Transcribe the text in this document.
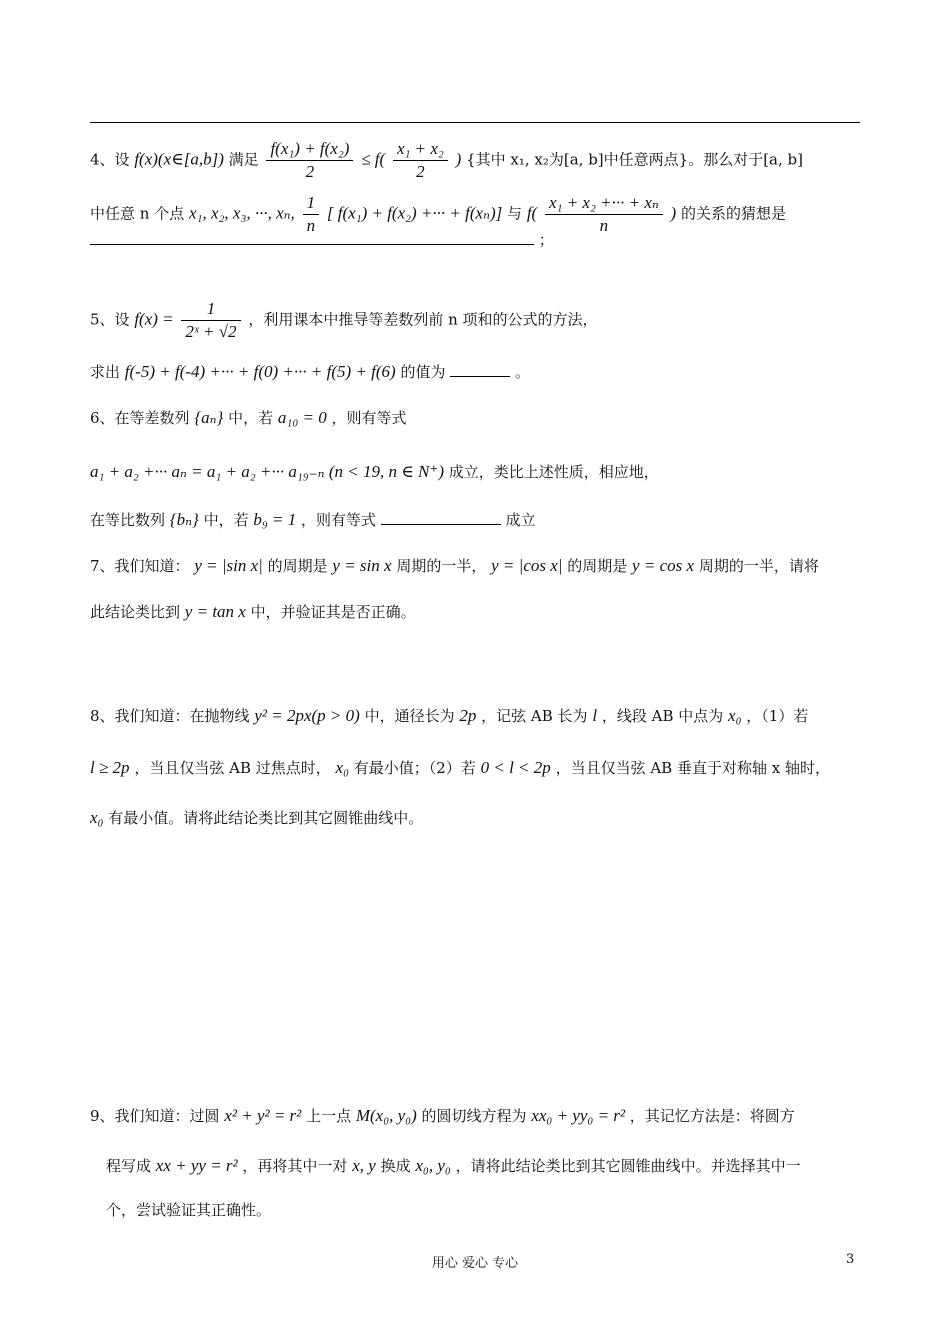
4、设 f(x)(x∈[a,b]) 满足 $\frac{\text{f(x₁) + f(x₂)}}{2} \le f( \frac{\text{x₁ + x₂}}{2}$ ) {其中 x₁, x₂为[a, b]中任意两点}。那么对于[a, b]
中任意 n 个点 x₁, x₂, x₃, ···, xₙ, $\frac{1}{n}$ [ f(x₁) + f(x₂) +··· + f(xₙ)] 与 $f( \frac{\text{x₁ + x₂ +··· + xₙ}}{n}$ ) 的关系的猜想是
；
5、设 $f(x) = \frac{1}{\text{2ˣ + √2}}$ ，利用课本中推导等差数列前 n 项和的公式的方法，
求出 f(-5) + f(-4) +··· + f(0) +··· + f(5) + f(6) 的值为	。
6、在等差数列 {aₙ} 中，若 a₁₀ = 0 ，则有等式
a₁ + a₂ +··· aₙ = a₁ + a₂ +··· a₁₉₋ₙ (n < 19, n ∈ N⁺) 成立，类比上述性质，相应地，
在等比数列 {bₙ} 中，若 b₉ = 1 ，则有等式	成立
7、我们知道： y = |sin x| 的周期是 y = sin x 周期的一半， y = |cos x| 的周期是 y = cos x 周期的一半，请将
此结论类比到 y = tan x 中，并验证其是否正确。
8、我们知道：在抛物线 y² = 2px(p > 0) 中，通径长为 2p ，记弦 AB 长为 l ，线段 AB 中点为 x₀ ，（1）若
l ≥ 2p ，当且仅当弦 AB 过焦点时， x₀ 有最小值；（2）若 0 < l < 2p ，当且仅当弦 AB 垂直于对称轴 x 轴时，
x₀ 有最小值。请将此结论类比到其它圆锥曲线中。
9、我们知道：过圆 x² + y² = r² 上一点 M(x₀, y₀) 的圆切线方程为 xx₀ + yy₀ = r² ，其记忆方法是：将圆方
程写成 xx + yy = r² ，再将其中一对 x, y 换成 x₀, y₀ ，请将此结论类比到其它圆锥曲线中。并选择其中一
个，尝试验证其正确性。
用心 爱心 专心	3
